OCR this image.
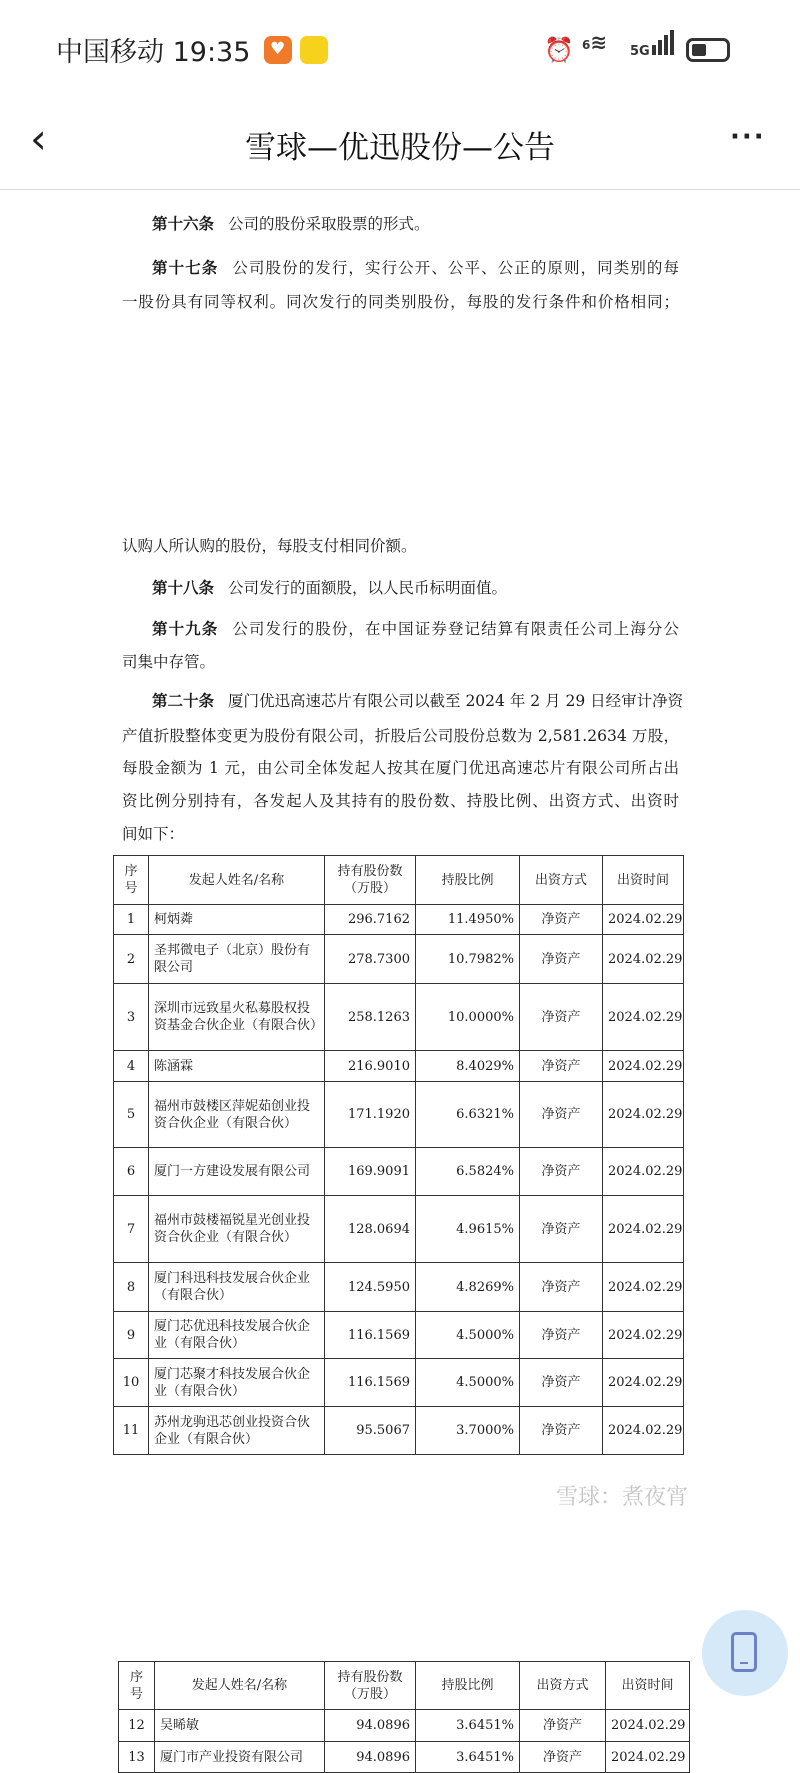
中国移动 19:35 ♥	⏰ 6≋ 5G
‹	雪球—优迅股份—公告	···
第十六条 公司的股份采取股票的形式。
第十七条 公司股份的发行，实行公开、公平、公正的原则，同类别的每
一股份具有同等权利。同次发行的同类别股份，每股的发行条件和价格相同；
认购人所认购的股份，每股支付相同价额。
第十八条 公司发行的面额股，以人民币标明面值。
第十九条 公司发行的股份，在中国证券登记结算有限责任公司上海分公
司集中存管。
第二十条 厦门优迅高速芯片有限公司以截至 2024 年 2 月 29 日经审计净资
产值折股整体变更为股份有限公司，折股后公司股份总数为 2,581.2634 万股，
每股金额为 1 元，由公司全体发起人按其在厦门优迅高速芯片有限公司所占出
资比例分别持有，各发起人及其持有的股份数、持股比例、出资方式、出资时
间如下：
序号	发起人姓名/名称	持有股份数（万股）	持股比例	出资方式	出资时间
1	柯炳粦	296.7162	11.4950%	净资产	2024.02.29
2	圣邦微电子（北京）股份有限公司	278.7300	10.7982%	净资产	2024.02.29
3	深圳市远致星火私募股权投资基金合伙企业（有限合伙）	258.1263	10.0000%	净资产	2024.02.29
4	陈涵霖	216.9010	8.4029%	净资产	2024.02.29
5	福州市鼓楼区萍妮茹创业投资合伙企业（有限合伙）	171.1920	6.6321%	净资产	2024.02.29
6	厦门一方建设发展有限公司	169.9091	6.5824%	净资产	2024.02.29
7	福州市鼓楼福锐星光创业投资合伙企业（有限合伙）	128.0694	4.9615%	净资产	2024.02.29
8	厦门科迅科技发展合伙企业（有限合伙）	124.5950	4.8269%	净资产	2024.02.29
9	厦门芯优迅科技发展合伙企业（有限合伙）	116.1569	4.5000%	净资产	2024.02.29
10	厦门芯聚才科技发展合伙企业（有限合伙）	116.1569	4.5000%	净资产	2024.02.29
11	苏州龙驹迅芯创业投资合伙企业（有限合伙）	95.5067	3.7000%	净资产	2024.02.29
序号	发起人姓名/名称	持有股份数（万股）	持股比例	出资方式	出资时间
12	吴晞敏	94.0896	3.6451%	净资产	2024.02.29
13	厦门市产业投资有限公司	94.0896	3.6451%	净资产	2024.02.29
雪球：煮夜宵
